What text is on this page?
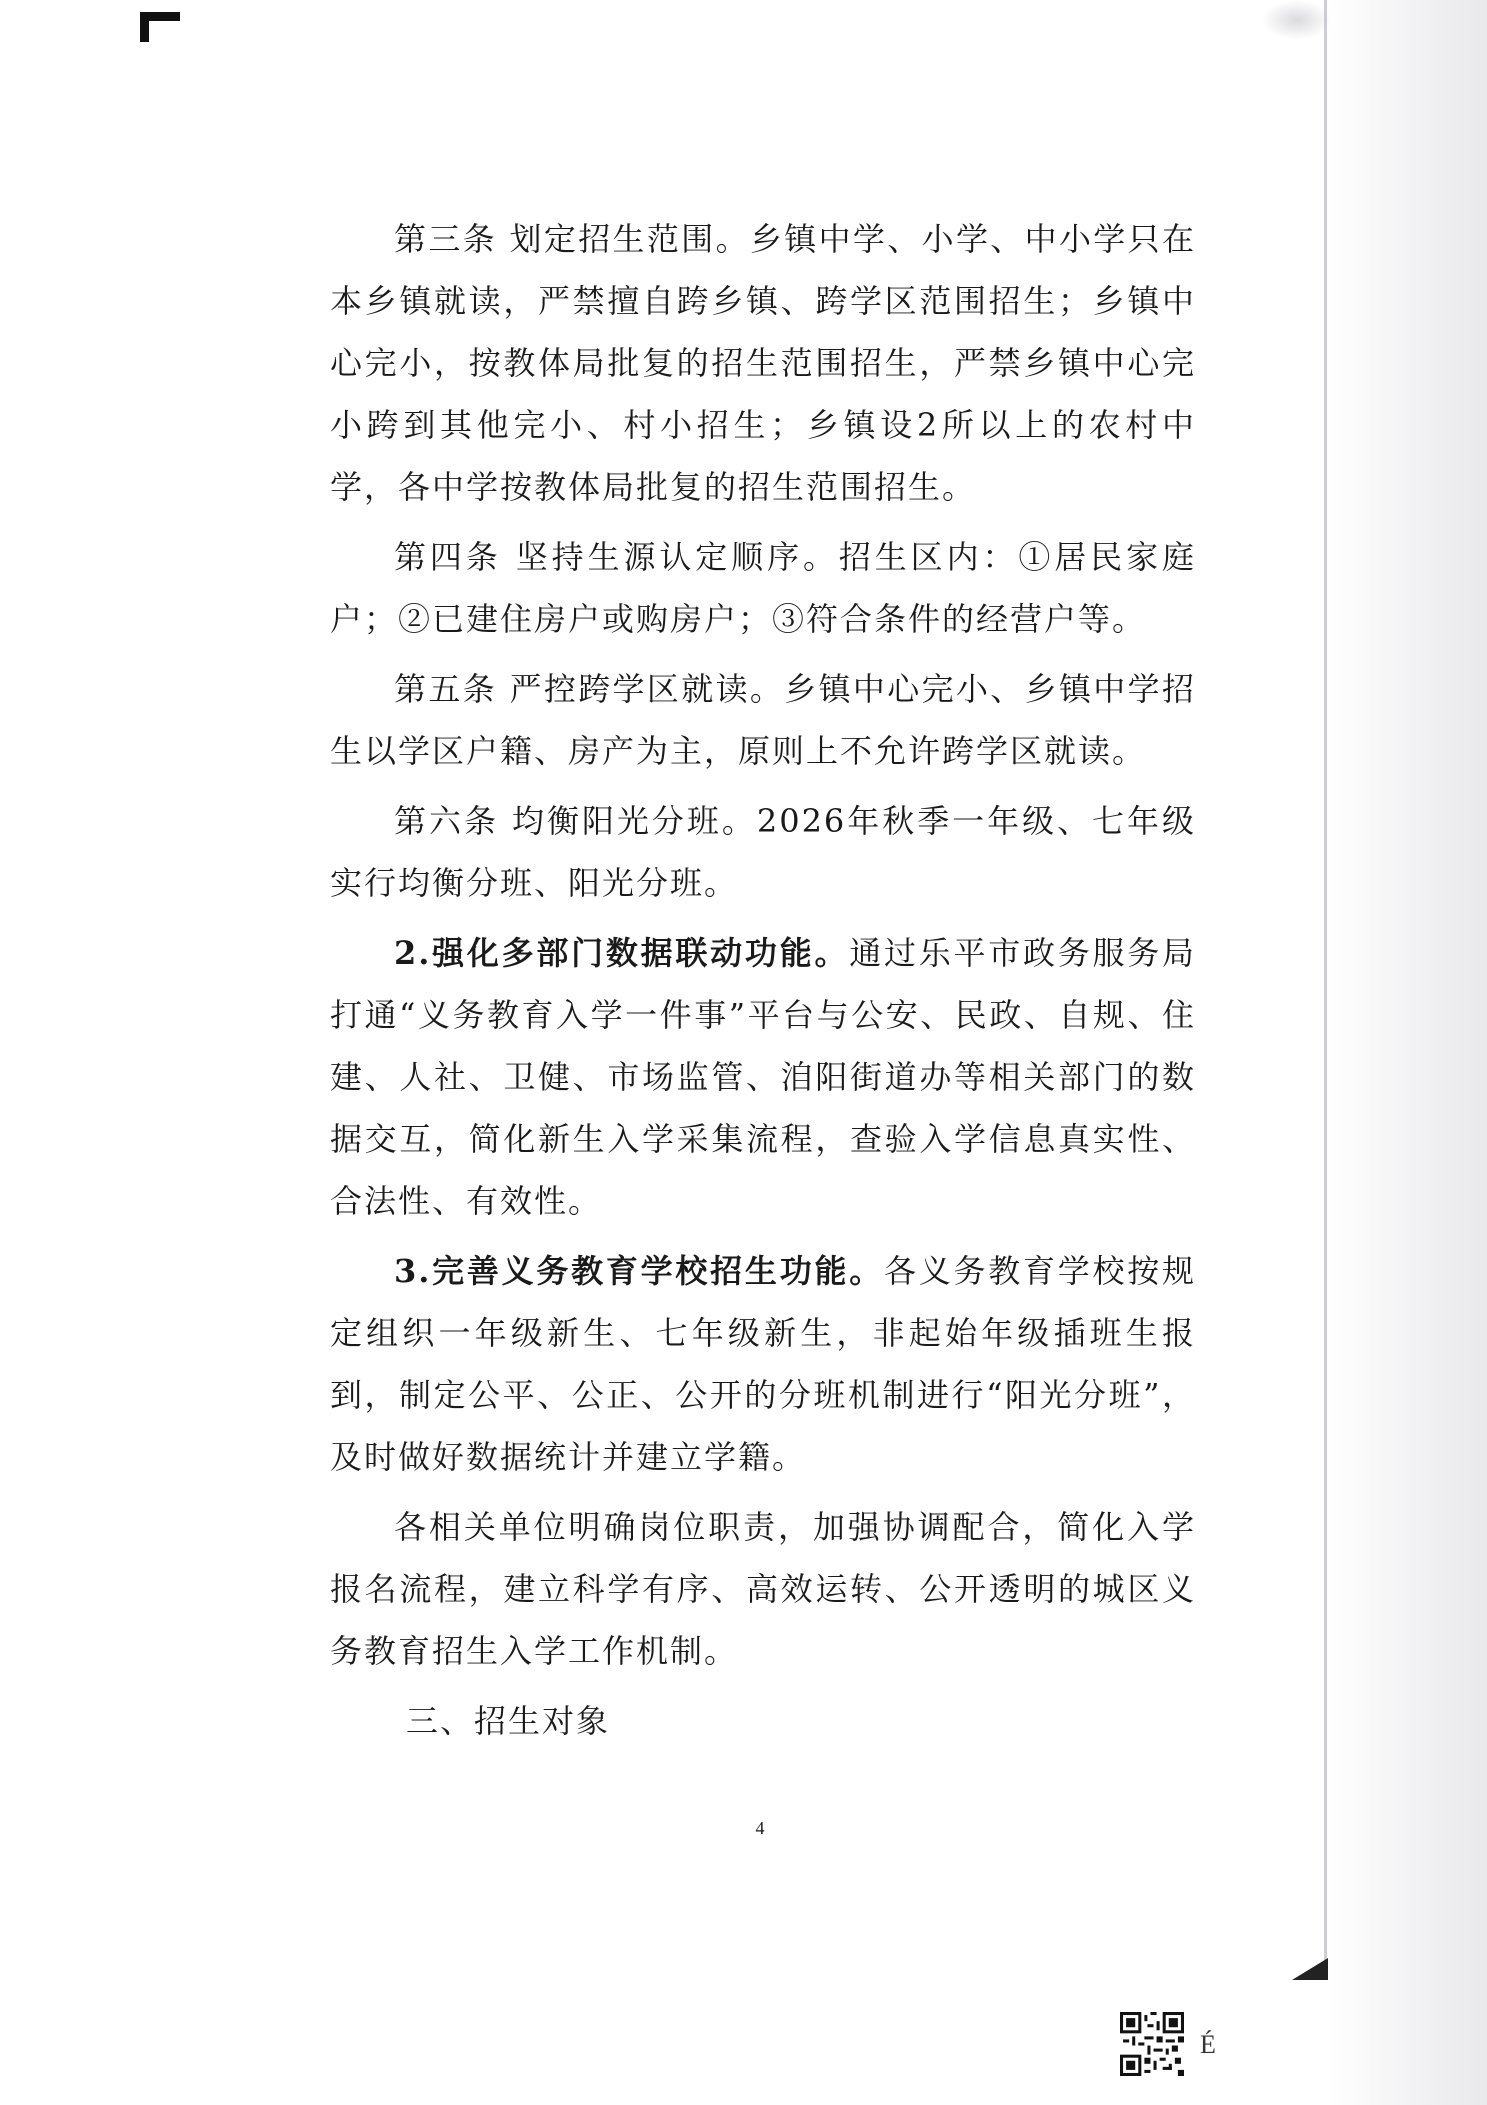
第三条 划定招生范围。乡镇中学、小学、中小学只在本乡镇就读，严禁擅自跨乡镇、跨学区范围招生；乡镇中心完小，按教体局批复的招生范围招生，严禁乡镇中心完小跨到其他完小、村小招生；乡镇设2所以上的农村中学，各中学按教体局批复的招生范围招生。

第四条 坚持生源认定顺序。招生区内：①居民家庭户；②已建住房户或购房户；③符合条件的经营户等。

第五条 严控跨学区就读。乡镇中心完小、乡镇中学招生以学区户籍、房产为主，原则上不允许跨学区就读。

第六条 均衡阳光分班。2026年秋季一年级、七年级实行均衡分班、阳光分班。

2.强化多部门数据联动功能。通过乐平市政务服务局打通“义务教育入学一件事”平台与公安、民政、自规、住建、人社、卫健、市场监管、洎阳街道办等相关部门的数据交互，简化新生入学采集流程，查验入学信息真实性、合法性、有效性。

3.完善义务教育学校招生功能。各义务教育学校按规定组织一年级新生、七年级新生，非起始年级插班生报到，制定公平、公正、公开的分班机制进行“阳光分班”，及时做好数据统计并建立学籍。

各相关单位明确岗位职责，加强协调配合，简化入学报名流程，建立科学有序、高效运转、公开透明的城区义务教育招生入学工作机制。

三、招生对象

4
É
